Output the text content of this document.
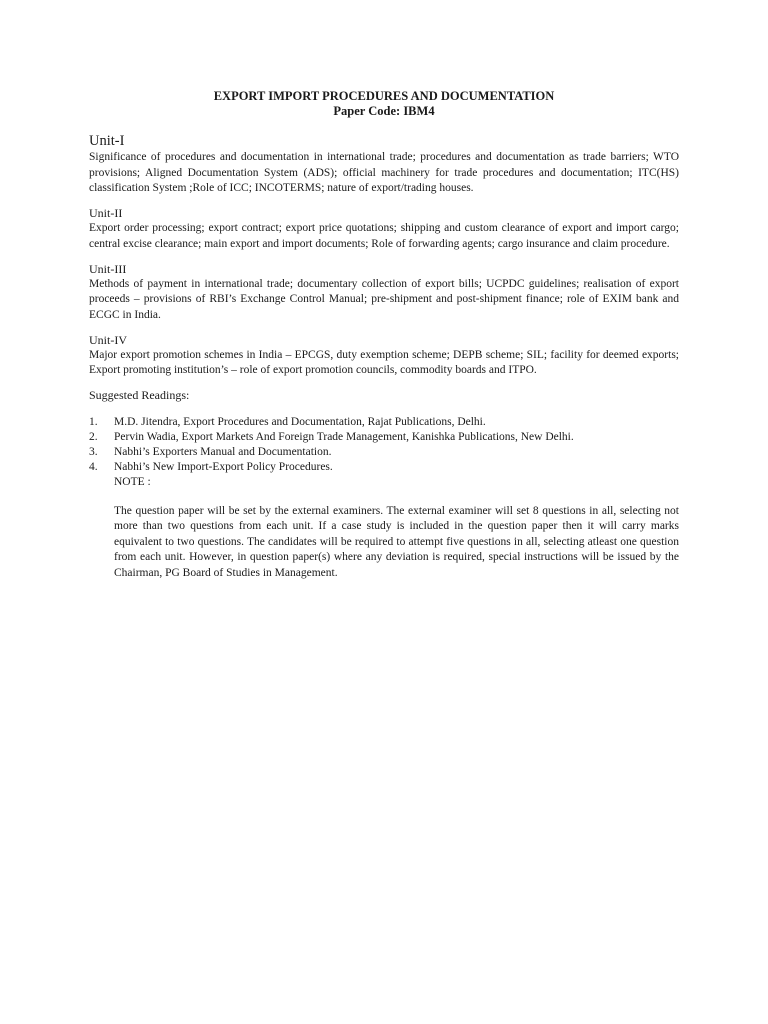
EXPORT IMPORT PROCEDURES AND DOCUMENTATION

Paper Code: IBM4

Unit-I

Significance of procedures and documentation in international trade; procedures and documentation as trade barriers; WTO provisions; Aligned Documentation System (ADS); official machinery for trade procedures and documentation; ITC(HS) classification System ;Role of ICC; INCOTERMS; nature of export/trading houses.

Unit-II

Export order processing; export contract; export price quotations; shipping and custom clearance of export and import cargo; central excise clearance; main export and import documents; Role of forwarding agents; cargo insurance and claim procedure.

Unit-III

Methods of payment in international trade; documentary collection of export bills; UCPDC guidelines; realisation of export proceeds – provisions of RBI’s Exchange Control Manual; pre-shipment and post-shipment finance; role of EXIM bank and ECGC in India.

Unit-IV

Major export promotion schemes in India – EPCGS, duty exemption scheme; DEPB scheme; SIL; facility for deemed exports; Export promoting institution’s – role of export promotion councils, commodity boards and ITPO.

Suggested Readings:

1.	M.D. Jitendra, Export Procedures and Documentation, Rajat Publications, Delhi.
2.	Pervin Wadia, Export Markets And Foreign Trade Management, Kanishka Publications, New Delhi.
3.	Nabhi’s Exporters Manual and Documentation.
4.	Nabhi’s New Import-Export Policy Procedures.

NOTE :

The question paper will be set by the external examiners. The external examiner will set 8 questions in all, selecting not more than two questions from each unit. If a case study is included in the question paper then it will carry marks equivalent to two questions. The candidates will be required to attempt five questions in all, selecting atleast one question from each unit. However, in question paper(s) where any deviation is required, special instructions will be issued by the Chairman, PG Board of Studies in Management.
